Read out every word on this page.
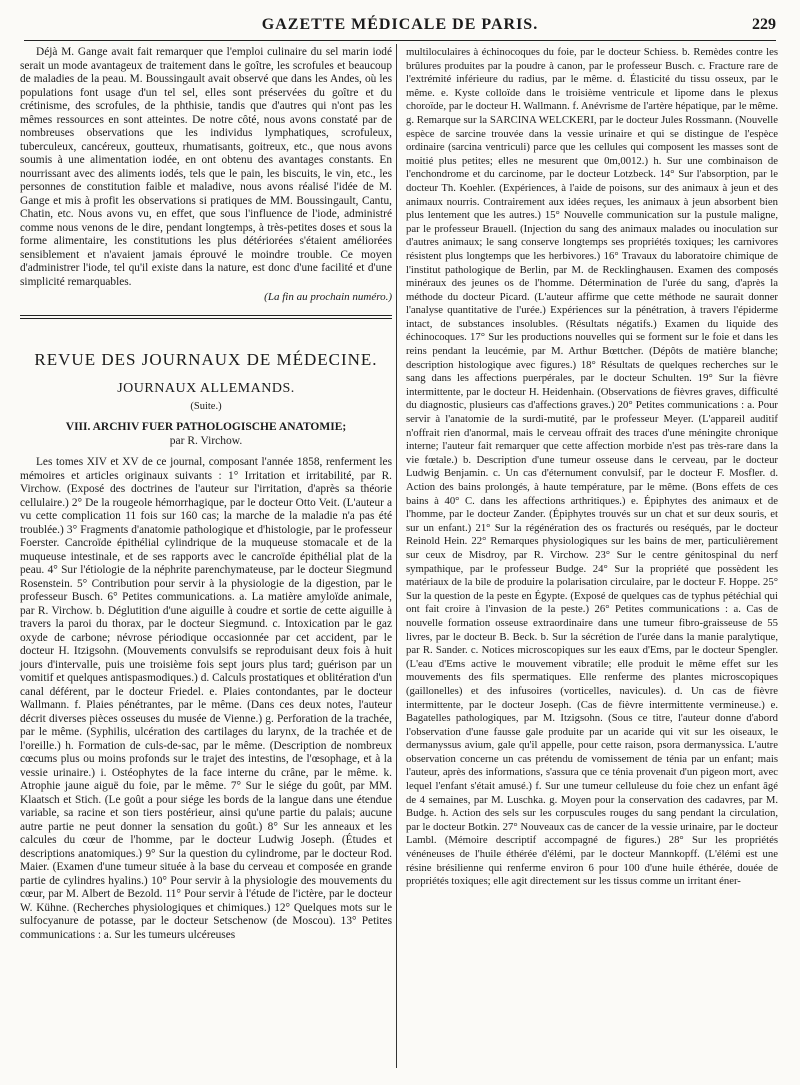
GAZETTE MÉDICALE DE PARIS.	229

Déjà M. Gange avait fait remarquer que l'emploi culinaire du sel marin iodé serait un mode avantageux de traitement dans le goître, les scrofules et beaucoup de maladies de la peau. M. Boussingault avait observé que dans les Andes, où les populations font usage d'un tel sel, elles sont préservées du goître et du crétinisme, des scrofules, de la phthisie, tandis que d'autres qui n'ont pas les mêmes ressources en sont atteintes. De notre côté, nous avons constaté par de nombreuses observations que les individus lymphatiques, scrofuleux, tuberculeux, cancéreux, goutteux, rhumatisants, goitreux, etc., que nous avons soumis à une alimentation iodée, en ont obtenu des avantages constants. En nourrissant avec des aliments iodés, tels que le pain, les biscuits, le vin, etc., les personnes de constitution faible et maladive, nous avons réalisé l'idée de M. Gange et mis à profit les observations si pratiques de MM. Boussingault, Cantu, Chatin, etc. Nous avons vu, en effet, que sous l'influence de l'iode, administré comme nous venons de le dire, pendant longtemps, à très-petites doses et sous la forme alimentaire, les constitutions les plus détériorées s'étaient améliorées sensiblement et n'avaient jamais éprouvé le moindre trouble. Ce moyen d'administrer l'iode, tel qu'il existe dans la nature, est donc d'une facilité et d'une simplicité remarquables.

(La fin au prochain numéro.)
REVUE DES JOURNAUX DE MÉDECINE.
JOURNAUX ALLEMANDS.
(Suite.)
VIII. ARCHIV FUER PATHOLOGISCHE ANATOMIE;
par R. Virchow.

Les tomes XIV et XV de ce journal, composant l'année 1858, renferment les mémoires et articles originaux suivants : 1° Irritation et irritabilité, par R. Virchow. (Exposé des doctrines de l'auteur sur l'irritation, d'après sa théorie cellulaire.) 2° De la rougeole hémorrhagique, par le docteur Otto Veit. (L'auteur a vu cette complication 11 fois sur 160 cas; la marche de la maladie n'a pas été troublée.) 3° Fragments d'anatomie pathologique et d'histologie, par le professeur Foerster. Cancroïde épithélial cylindrique de la muqueuse stomacale et de la muqueuse intestinale, et de ses rapports avec le cancroïde épithélial plat de la peau. 4° Sur l'étiologie de la néphrite parenchymateuse, par le docteur Siegmund Rosenstein. 5° Contribution pour servir à la physiologie de la digestion, par le professeur Busch. 6° Petites communications. a. La matière amyloïde animale, par R. Virchow. b. Déglutition d'une aiguille à coudre et sortie de cette aiguille à travers la paroi du thorax, par le docteur Siegmund. c. Intoxication par le gaz oxyde de carbone; névrose périodique occasionnée par cet accident, par le docteur H. Itzigsohn. (Mouvements convulsifs se reproduisant deux fois à huit jours d'intervalle, puis une troisième fois sept jours plus tard; guérison par un vomitif et quelques antispasmodiques.) d. Calculs prostatiques et oblitération d'un canal déférent, par le docteur Friedel. e. Plaies contondantes, par le docteur Wallmann. f. Plaies pénétrantes, par le même. (Dans ces deux notes, l'auteur décrit diverses pièces osseuses du musée de Vienne.) g. Perforation de la trachée, par le même. (Syphilis, ulcération des cartilages du larynx, de la trachée et de l'oreille.) h. Formation de culs-de-sac, par le même. (Description de nombreux cœcums plus ou moins profonds sur le trajet des intestins, de l'œsophage, et à la vessie urinaire.) i. Ostéophytes de la face interne du crâne, par le même. k. Atrophie jaune aiguë du foie, par le même. 7° Sur le siége du goût, par MM. Klaatsch et Stich. (Le goût a pour siége les bords de la langue dans une étendue variable, sa racine et son tiers postérieur, ainsi qu'une partie du palais; aucune autre partie ne peut donner la sensation du goût.) 8° Sur les anneaux et les calcules du cœur de l'homme, par le docteur Ludwig Joseph. (Études et descriptions anatomiques.) 9° Sur la question du cylindrome, par le docteur Rod. Maier. (Examen d'une tumeur située à la base du cerveau et composée en grande partie de cylindres hyalins.) 10° Pour servir à la physiologie des mouvements du cœur, par M. Albert de Bezold. 11° Pour servir à l'étude de l'ictère, par le docteur W. Kühne. (Recherches physiologiques et chimiques.) 12° Quelques mots sur le sulfocyanure de potasse, par le docteur Setschenow (de Moscou). 13° Petites communications : a. Sur les tumeurs ulcéreuses

multiloculaires à échinocoques du foie, par le docteur Schiess. b. Remèdes contre les brûlures produites par la poudre à canon, par le professeur Busch. c. Fracture rare de l'extrémité inférieure du radius, par le même. d. Élasticité du tissu osseux, par le même. e. Kyste colloïde dans le troisième ventricule et lipome dans le plexus choroïde, par le docteur H. Wallmann. f. Anévrisme de l'artère hépatique, par le même. g. Remarque sur la SARCINA WELCKERI, par le docteur Jules Rossmann. (Nouvelle espèce de sarcine trouvée dans la vessie urinaire et qui se distingue de l'espèce ordinaire (sarcina ventriculi) parce que les cellules qui composent les masses sont de moitié plus petites; elles ne mesurent que 0m,0012.) h. Sur une combinaison de l'enchondrome et du carcinome, par le docteur Lotzbeck. 14° Sur l'absorption, par le docteur Th. Koehler. (Expériences, à l'aide de poisons, sur des animaux à jeun et des animaux nourris. Contrairement aux idées reçues, les animaux à jeun absorbent bien plus lentement que les autres.) 15° Nouvelle communication sur la pustule maligne, par le professeur Brauell. (Injection du sang des animaux malades ou inoculation sur d'autres animaux; le sang conserve longtemps ses propriétés toxiques; les carnivores résistent plus longtemps que les herbivores.) 16° Travaux du laboratoire chimique de l'institut pathologique de Berlin, par M. de Recklinghausen. Examen des composés minéraux des jeunes os de l'homme. Détermination de l'urée du sang, d'après la méthode du docteur Picard. (L'auteur affirme que cette méthode ne saurait donner l'analyse quantitative de l'urée.) Expériences sur la pénétration, à travers l'épiderme intact, de substances insolubles. (Résultats négatifs.) Examen du liquide des échinocoques. 17° Sur les productions nouvelles qui se forment sur le foie et dans les reins pendant la leucémie, par M. Arthur Bœttcher. (Dépôts de matière blanche; description histologique avec figures.) 18° Résultats de quelques recherches sur le sang dans les affections puerpérales, par le docteur Schulten. 19° Sur la fièvre intermittente, par le docteur H. Heidenhain. (Observations de fièvres graves, difficulté du diagnostic, plusieurs cas d'affections graves.) 20° Petites communications : a. Pour servir à l'anatomie de la surdi-mutité, par le professeur Meyer. (L'appareil auditif n'offrait rien d'anormal, mais le cerveau offrait des traces d'une méningite chronique interne; l'auteur fait remarquer que cette affection morbide n'est pas très-rare dans la vie fœtale.) b. Description d'une tumeur osseuse dans le cerveau, par le docteur Ludwig Benjamin. c. Un cas d'éternument convulsif, par le docteur F. Mosfler. d. Action des bains prolongés, à haute température, par le même. (Bons effets de ces bains à 40° C. dans les affections arthritiques.) e. Épiphytes des animaux et de l'homme, par le docteur Zander. (Épiphytes trouvés sur un chat et sur deux souris, et sur un enfant.) 21° Sur la régénération des os fracturés ou reséqués, par le docteur Reinold Hein. 22° Remarques physiologiques sur les bains de mer, particulièrement sur ceux de Misdroy, par R. Virchow. 23° Sur le centre génitospinal du nerf sympathique, par le professeur Budge. 24° Sur la propriété que possèdent les matériaux de la bile de produire la polarisation circulaire, par le docteur F. Hoppe. 25° Sur la question de la peste en Égypte. (Exposé de quelques cas de typhus pétéchial qui ont fait croire à l'invasion de la peste.) 26° Petites communications : a. Cas de nouvelle formation osseuse extraordinaire dans une tumeur fibro-graisseuse de 55 livres, par le docteur B. Beck. b. Sur la sécrétion de l'urée dans la manie paralytique, par R. Sander. c. Notices microscopiques sur les eaux d'Ems, par le docteur Spengler. (L'eau d'Ems active le mouvement vibratile; elle produit le même effet sur les mouvements des fils spermatiques. Elle renferme des plantes microscopiques (gaillonelles) et des infusoires (vorticelles, navicules). d. Un cas de fièvre intermittente, par le docteur Joseph. (Cas de fièvre intermittente vermineuse.) e. Bagatelles pathologiques, par M. Itzigsohn. (Sous ce titre, l'auteur donne d'abord l'observation d'une fausse gale produite par un acaride qui vit sur les oiseaux, le dermanyssus avium, gale qu'il appelle, pour cette raison, psora dermanyssica. L'autre observation concerne un cas prétendu de vomissement de ténia par un enfant; mais l'auteur, après des informations, s'assura que ce ténia provenait d'un pigeon mort, avec lequel l'enfant s'était amusé.) f. Sur une tumeur celluleuse du foie chez un enfant âgé de 4 semaines, par M. Luschka. g. Moyen pour la conservation des cadavres, par M. Budge. h. Action des sels sur les corpuscules rouges du sang pendant la circulation, par le docteur Botkin. 27° Nouveaux cas de cancer de la vessie urinaire, par le docteur Lambl. (Mémoire descriptif accompagné de figures.) 28° Sur les propriétés vénéneuses de l'huile éthérée d'élémi, par le docteur Mannkopff. (L'élémi est une résine brésilienne qui renferme environ 6 pour 100 d'une huile éthérée, douée de propriétés toxiques; elle agit directement sur les tissus comme un irritant éner-
